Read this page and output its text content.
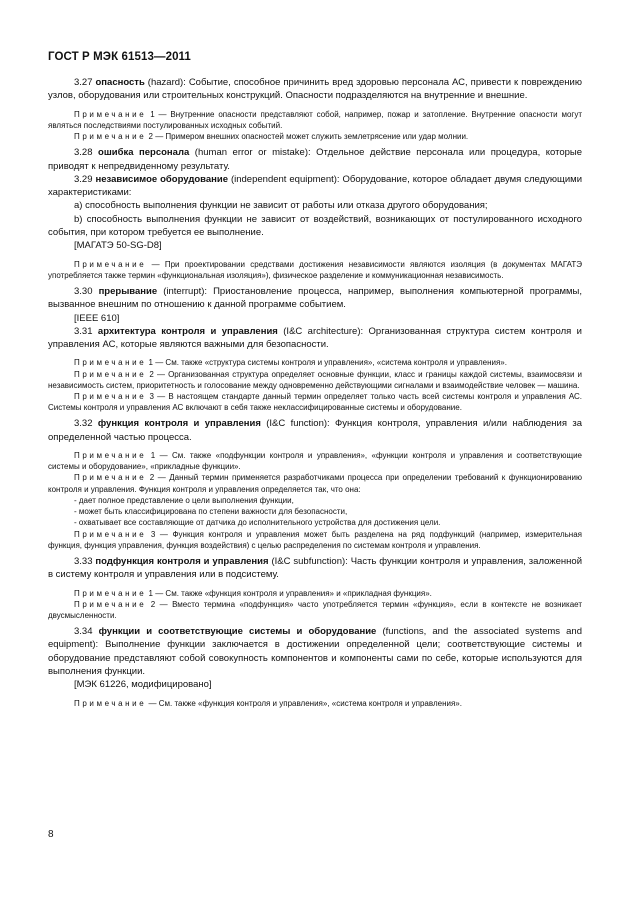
ГОСТ Р МЭК 61513—2011

3.27 опасность (hazard): Событие, способное причинить вред здоровью персонала АС, привести к повреждению узлов, оборудования или строительных конструкций. Опасности подразделяются на внутренние и внешние.

Примечание 1 — Внутренние опасности представляют собой, например, пожар и затопление. Внутренние опасности могут являться последствиями постулированных исходных событий.

Примечание 2 — Примером внешних опасностей может служить землетрясение или удар молнии.

3.28 ошибка персонала (human error or mistake): Отдельное действие персонала или процедура, которые приводят к непредвиденному результату.

3.29 независимое оборудование (independent equipment): Оборудование, которое обладает двумя следующими характеристиками:

a) способность выполнения функции не зависит от работы или отказа другого оборудования;

b) способность выполнения функции не зависит от воздействий, возникающих от постулированного исходного события, при котором требуется ее выполнение.

[МАГАТЭ 50-SG-D8]

Примечание — При проектировании средствами достижения независимости являются изоляция (в документах МАГАТЭ употребляется также термин «функциональная изоляция»), физическое разделение и коммуникационная независимость.

3.30 прерывание (interrupt): Приостановление процесса, например, выполнения компьютерной программы, вызванное внешним по отношению к данной программе событием.

[IEEE 610]

3.31 архитектура контроля и управления (I&C architecture): Организованная структура систем контроля и управления АС, которые являются важными для безопасности.

Примечание 1 — См. также «структура системы контроля и управления», «система контроля и управления».

Примечание 2 — Организованная структура определяет основные функции, класс и границы каждой системы, взаимосвязи и независимость систем, приоритетность и голосование между одновременно действующими сигналами и взаимодействие человек — машина.

Примечание 3 — В настоящем стандарте данный термин определяет только часть всей системы контроля и управления АС. Системы контроля и управления АС включают в себя также неклассифицированные системы и оборудование.

3.32 функция контроля и управления (I&C function): Функция контроля, управления и/или наблюдения за определенной частью процесса.

Примечание 1 — См. также «подфункции контроля и управления», «функции контроля и управления и соответствующие системы и оборудование», «прикладные функции».

Примечание 2 — Данный термин применяется разработчиками процесса при определении требований к функционированию контроля и управления. Функция контроля и управления определяется так, что она:

- дает полное представление о цели выполнения функции,

- может быть классифицирована по степени важности для безопасности,

- охватывает все составляющие от датчика до исполнительного устройства для достижения цели.

Примечание 3 — Функция контроля и управления может быть разделена на ряд подфункций (например, измерительная функция, функция управления, функция воздействия) с целью распределения по системам контроля и управления.

3.33 подфункция контроля и управления (I&C subfunction): Часть функции контроля и управления, заложенной в систему контроля и управления или в подсистему.

Примечание 1 — См. также «функция контроля и управления» и «прикладная функция».

Примечание 2 — Вместо термина «подфункция» часто употребляется термин «функция», если в контексте не возникает двусмысленности.

3.34 функции и соответствующие системы и оборудование (functions, and the associated systems and equipment): Выполнение функции заключается в достижении определенной цели; соответствующие системы и оборудование представляют собой совокупность компонентов и компоненты сами по себе, которые используются для выполнения функции.

[МЭК 61226, модифицировано]

Примечание — См. также «функция контроля и управления», «система контроля и управления».

8
